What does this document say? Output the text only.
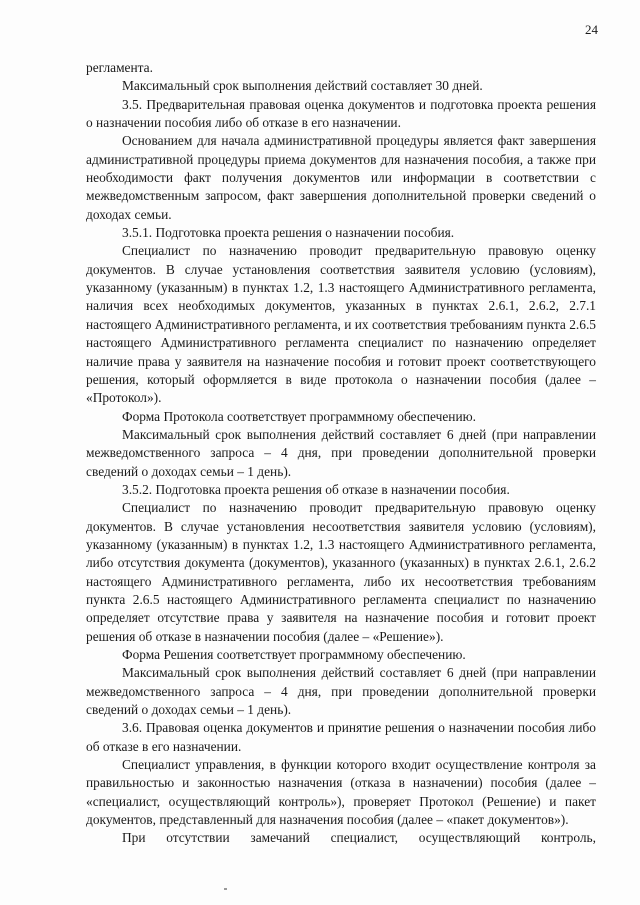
24

регламента.

Максимальный срок выполнения действий составляет 30 дней.

3.5. Предварительная правовая оценка документов и подготовка проекта решения о назначении пособия либо об отказе в его назначении.

Основанием для начала административной процедуры является факт завершения административной процедуры приема документов для назначения пособия, а также при необходимости факт получения документов или информации в соответствии с межведомственным запросом, факт завершения дополнительной проверки сведений о доходах семьи.

3.5.1. Подготовка проекта решения о назначении пособия.

Специалист по назначению проводит предварительную правовую оценку документов. В случае установления соответствия заявителя условию (условиям), указанному (указанным) в пунктах 1.2, 1.3 настоящего Административного регламента, наличия всех необходимых документов, указанных в пунктах 2.6.1, 2.6.2, 2.7.1 настоящего Административного регламента, и их соответствия требованиям пункта 2.6.5 настоящего Административного регламента специалист по назначению определяет наличие права у заявителя на назначение пособия и готовит проект соответствующего решения, который оформляется в виде протокола о назначении пособия (далее – «Протокол»).

Форма Протокола соответствует программному обеспечению.

Максимальный срок выполнения действий составляет 6 дней (при направлении межведомственного запроса – 4 дня, при проведении дополнительной проверки сведений о доходах семьи – 1 день).

3.5.2. Подготовка проекта решения об отказе в назначении пособия.

Специалист по назначению проводит предварительную правовую оценку документов. В случае установления несоответствия заявителя условию (условиям), указанному (указанным) в пунктах 1.2, 1.3 настоящего Административного регламента, либо отсутствия документа (документов), указанного (указанных) в пунктах 2.6.1, 2.6.2 настоящего Административного регламента, либо их несоответствия требованиям пункта 2.6.5 настоящего Административного регламента специалист по назначению определяет отсутствие права у заявителя на назначение пособия и готовит проект решения об отказе в назначении пособия (далее – «Решение»).

Форма Решения соответствует программному обеспечению.

Максимальный срок выполнения действий составляет 6 дней (при направлении межведомственного запроса – 4 дня, при проведении дополнительной проверки сведений о доходах семьи – 1 день).

3.6. Правовая оценка документов и принятие решения о назначении пособия либо об отказе в его назначении.

Специалист управления, в функции которого входит осуществление контроля за правильностью и законностью назначения (отказа в назначении) пособия (далее – «специалист, осуществляющий контроль»), проверяет Протокол (Решение) и пакет документов, представленный для назначения пособия (далее – «пакет документов»).

При отсутствии замечаний специалист, осуществляющий контроль,
